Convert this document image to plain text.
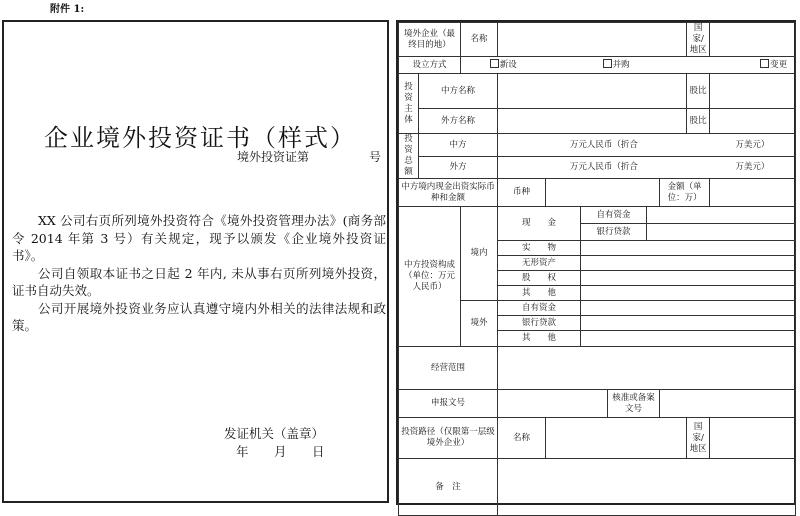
附件 1:
企业境外投资证书（样式）
境外投资证第	号

XX 公司右页所列境外投资符合《境外投资管理办法》(商务部令 2014 年第 3 号）有关规定，现予以颁发《企业境外投资证书》。

公司自领取本证书之日起 2 年内, 未从事右页所列境外投资，证书自动失效。

公司开展境外投资业务应认真遵守境内外相关的法律法规和政策。

发证机关（盖章）
年 月 日
境外企业（最终目的地）		名称							国家/地区	
设立方式		新设		并购					变更	
投资主体	中方名称								股比	
	外方名称								股比	
投资总额	中方		万元人民币（折合							万美元）
	外方		万元人民币（折合							万美元）
中方境内现金出资实际币种和金额			币种					金额（单位：万）		
中方投资构成（单位：万元人民币）		境内	现　　金		自有资金					
					银行贷款					
			实　　物							
			无形资产							
			股　　权							
			其　　他							
		境外	自有资金							
			银行贷款							
			其　　他							
经营范围										
申报文号						核准或备案文号				
投资路径（仅限第一层级境外企业）			名称						国家/地区	
备　注										
